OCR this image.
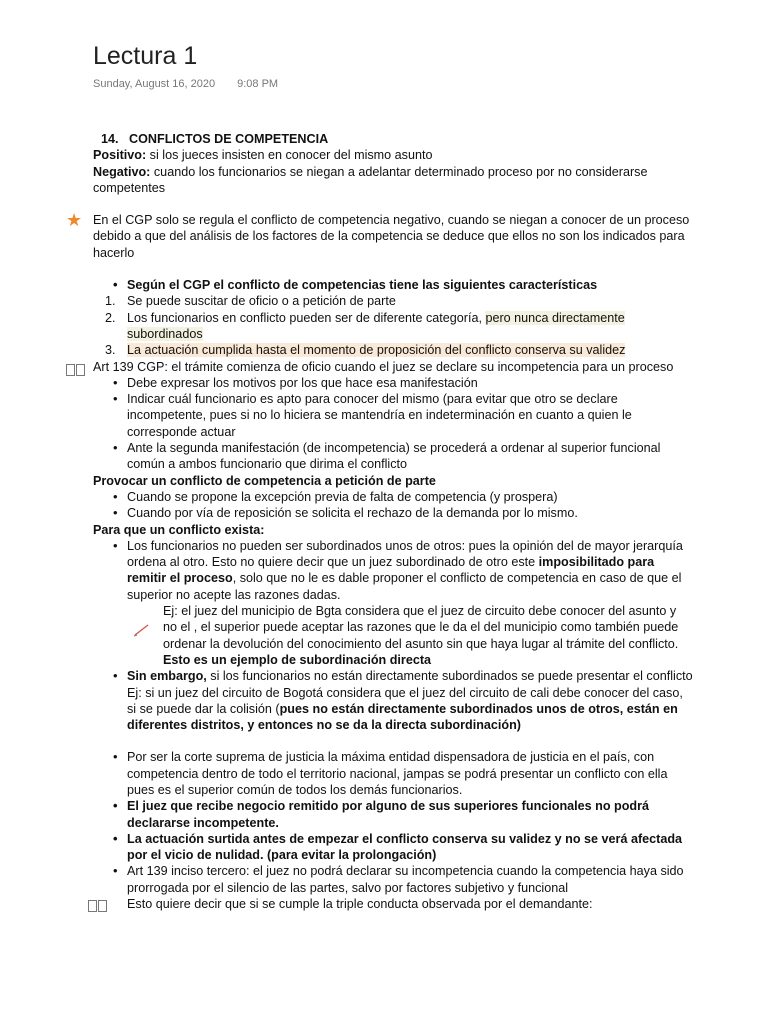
Lectura 1
Sunday, August 16, 2020 9:08 PM
★

14. CONFLICTOS DE COMPETENCIA

Positivo: si los jueces insisten en conocer del mismo asunto

Negativo: cuando los funcionarios se niegan a adelantar determinado proceso por no considerarse competentes

En el CGP solo se regula el conflicto de competencia negativo, cuando se niegan a conocer de un proceso debido a que del análisis de los factores de la competencia se deduce que ellos no son los indicados para hacerlo

• Según el CGP el conflicto de competencias tiene las siguientes características
1. Se puede suscitar de oficio o a petición de parte
2. Los funcionarios en conflicto pueden ser de diferente categoría, pero nunca directamente subordinados
3. La actuación cumplida hasta el momento de proposición del conflicto conserva su validez

Art 139 CGP: el trámite comienza de oficio cuando el juez se declare su incompetencia para un proceso

• Debe expresar los motivos por los que hace esa manifestación
• Indicar cuál funcionario es apto para conocer del mismo (para evitar que otro se declare incompetente, pues si no lo hiciera se mantendría en indeterminación en cuanto a quien le corresponde actuar
• Ante la segunda manifestación (de incompetencia) se procederá a ordenar al superior funcional común a ambos funcionario que dirima el conflicto

Provocar un conflicto de competencia a petición de parte

• Cuando se propone la excepción previa de falta de competencia (y prospera)
• Cuando por vía de reposición se solicita el rechazo de la demanda por lo mismo.

Para que un conflicto exista:

• Los funcionarios no pueden ser subordinados unos de otros: pues la opinión del de mayor jerarquía ordena al otro. Esto no quiere decir que un juez subordinado de otro este imposibilitado para remitir el proceso, solo que no le es dable proponer el conflicto de competencia en caso de que el superior no acepte las razones dadas.

Ej: el juez del municipio de Bgta considera que el juez de circuito debe conocer del asunto y no el , el superior puede aceptar las razones que le da el del municipio como también puede ordenar la devolución del conocimiento del asunto sin que haya lugar al trámite del conflicto. Esto es un ejemplo de subordinación directa

• Sin embargo, si los funcionarios no están directamente subordinados se puede presentar el conflicto

Ej: si un juez del circuito de Bogotá considera que el juez del circuito de cali debe conocer del caso, si se puede dar la colisión (pues no están directamente subordinados unos de otros, están en diferentes distritos, y entonces no se da la directa subordinación)

• Por ser la corte suprema de justicia la máxima entidad dispensadora de justicia en el país, con competencia dentro de todo el territorio nacional, jampas se podrá presentar un conflicto con ella pues es el superior común de todos los demás funcionarios.
• El juez que recibe negocio remitido por alguno de sus superiores funcionales no podrá declararse incompetente.
• La actuación surtida antes de empezar el conflicto conserva su validez y no se verá afectada por el vicio de nulidad. (para evitar la prolongación)
• Art 139 inciso tercero: el juez no podrá declarar su incompetencia cuando la competencia haya sido prorrogada por el silencio de las partes, salvo por factores subjetivo y funcional

Esto quiere decir que si se cumple la triple conducta observada por el demandante:
